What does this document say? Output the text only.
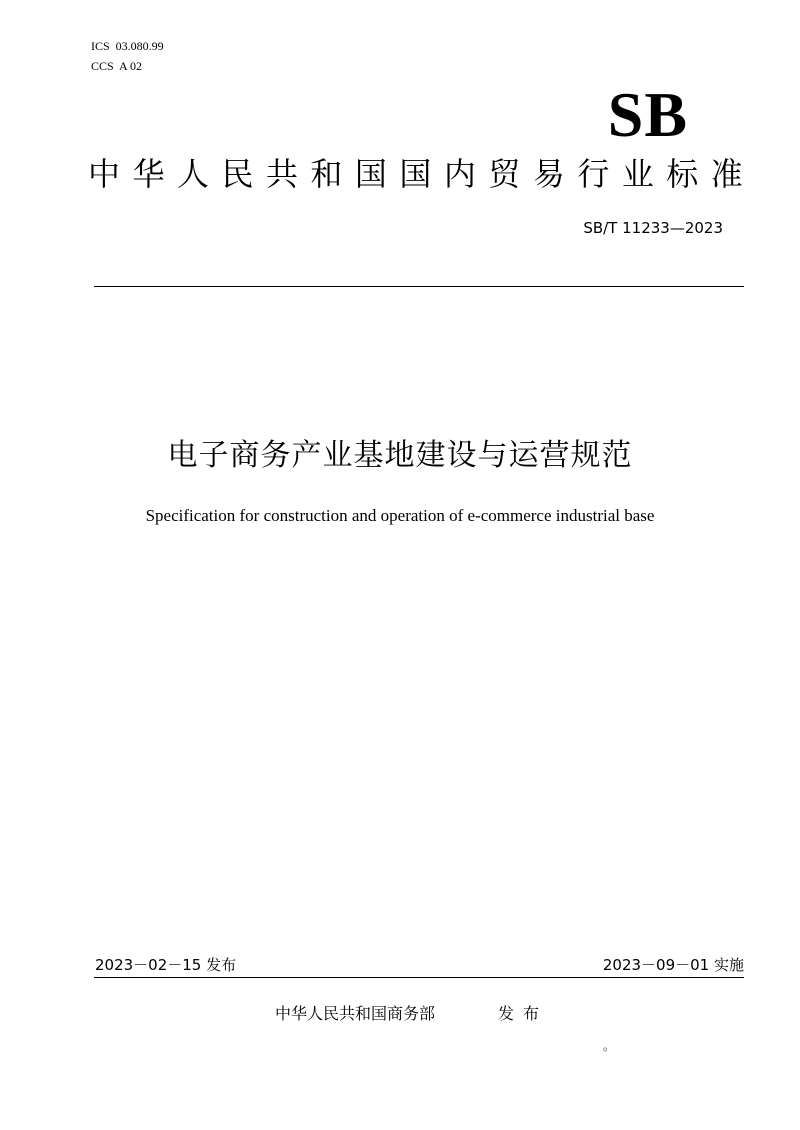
ICS  03.080.99
CCS  A 02
SB
中 华 人 民 共 和 国 国 内 贸 易 行 业 标 准
SB/T 11233—2023
电子商务产业基地建设与运营规范
Specification for construction and operation of e-commerce industrial base
2023－02－15 发布	2023－09－01 实施
中华人民共和国商务部	发布
。
